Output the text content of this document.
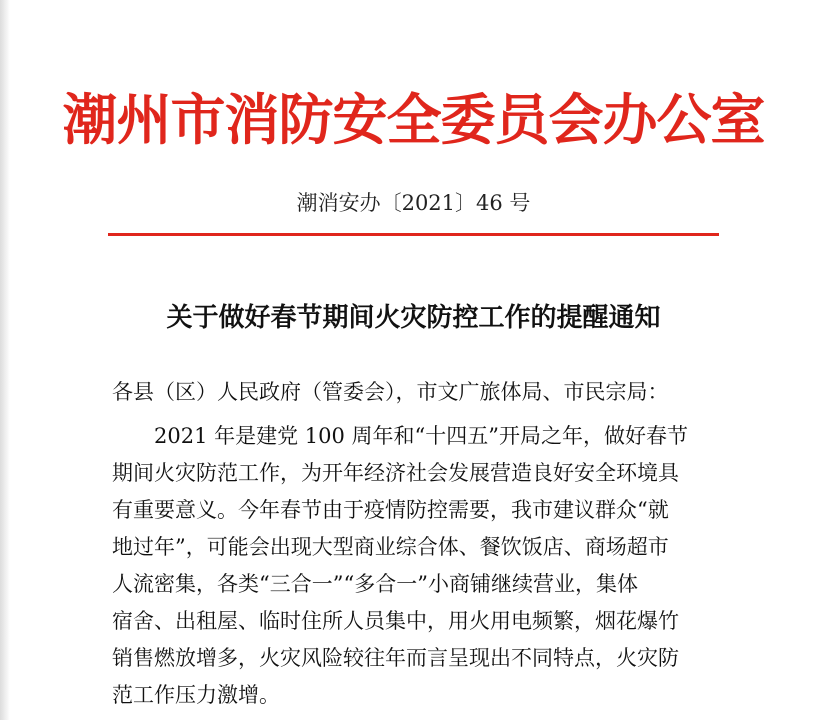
潮州市消防安全委员会办公室
潮消安办〔2021〕46 号
关于做好春节期间火灾防控工作的提醒通知
各县（区）人民政府（管委会），市文广旅体局、市民宗局：
2021 年是建党 100 周年和“十四五”开局之年，做好春节
期间火灾防范工作，为开年经济社会发展营造良好安全环境具
有重要意义。今年春节由于疫情防控需要，我市建议群众“就
地过年”，可能会出现大型商业综合体、餐饮饭店、商场超市
人流密集，各类“三合一”“多合一”小商铺继续营业，集体
宿舍、出租屋、临时住所人员集中，用火用电频繁，烟花爆竹
销售燃放增多，火灾风险较往年而言呈现出不同特点，火灾防
范工作压力激增。
